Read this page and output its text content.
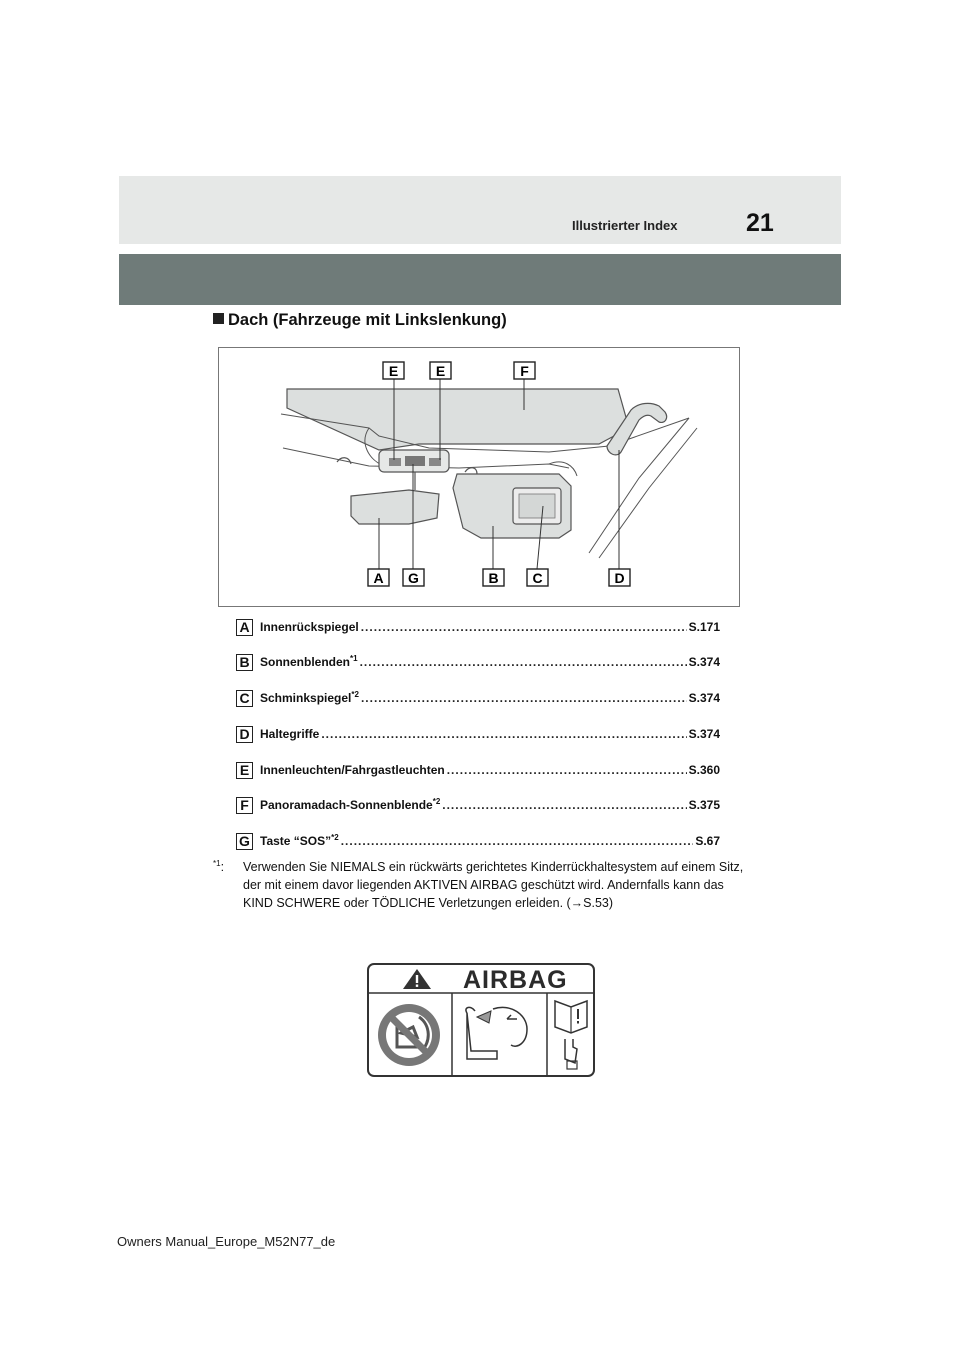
Illustrierter Index	21
Dach (Fahrzeuge mit Linkslenkung)
E	E	F
A G	B C	D
A Innenrückspiegel .....	S.171
B Sonnenblenden$^{*1}$ .....	S.374
C Schminkspiegel$^{*2}$ .....	S.374
D Haltegriffe .....	S.374
E Innenleuchten/Fahrgastleuchten .....	S.360
F Panoramadach-Sonnenblende$^{*2}$ .....	S.375
G Taste “SOS”$^{*2}$ .....	S.67
$^{*1}$:	Verwenden Sie NIEMALS ein rückwärts gerichtetes Kinderrückhaltesystem auf einem Sitz, der mit einem davor liegenden AKTIVEN AIRBAG geschützt wird. Andernfalls kann das KIND SCHWERE oder TÖDLICHE Verletzungen erleiden. (→S.53)
AIRBAG
Owners Manual_Europe_M52N77_de
